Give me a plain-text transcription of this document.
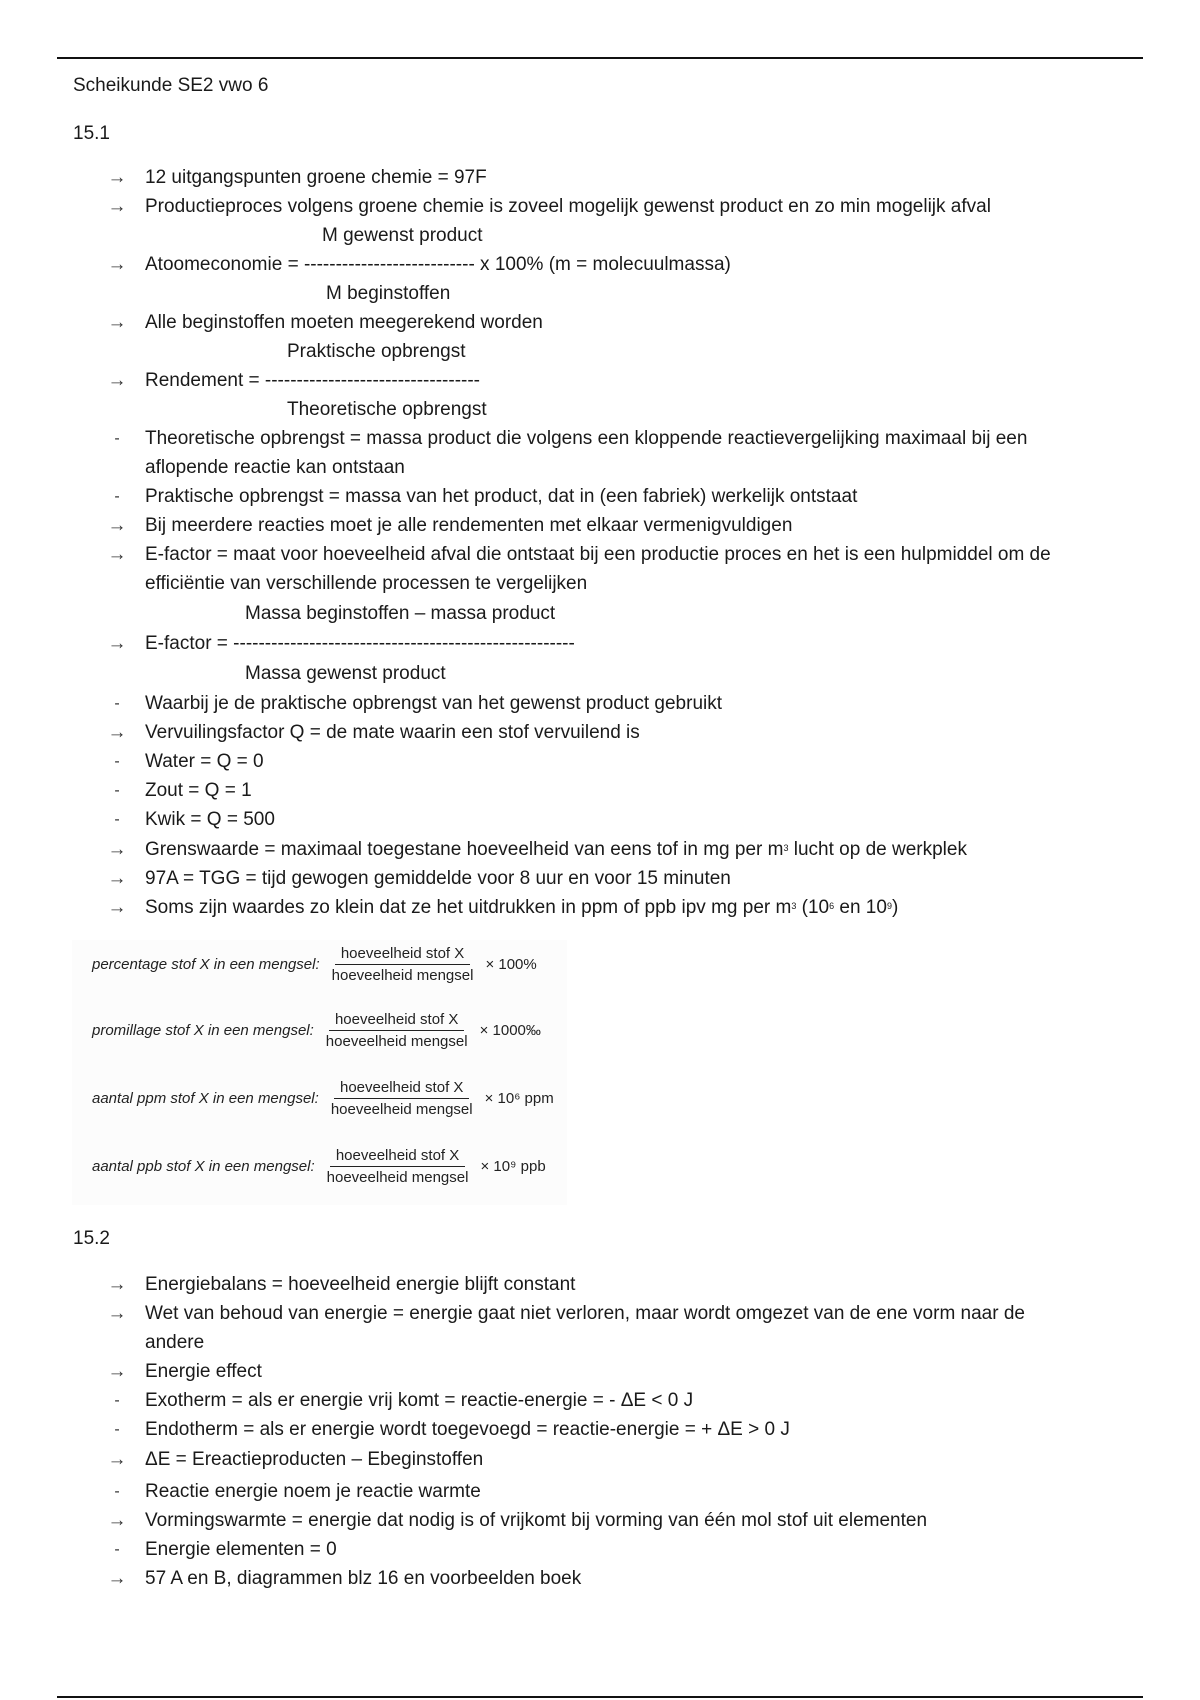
Scheikunde SE2 vwo 6
15.1
→ 12 uitgangspunten groene chemie = 97F
→ Productieproces volgens groene chemie is zoveel mogelijk gewenst product en zo min mogelijk afval
M gewenst product
→ Atoomeconomie = --------------------------- x 100% (m = molecuulmassa)
M beginstoffen
→ Alle beginstoffen moeten meegerekend worden
Praktische opbrengst
→ Rendement = ----------------------------------
Theoretische opbrengst
-	Theoretische opbrengst = massa product die volgens een kloppende reactievergelijking maximaal bij een
aflopende reactie kan ontstaan
-	Praktische opbrengst = massa van het product, dat in (een fabriek) werkelijk ontstaat
→ Bij meerdere reacties moet je alle rendementen met elkaar vermenigvuldigen
→ E-factor = maat voor hoeveelheid afval die ontstaat bij een productie proces en het is een hulpmiddel om de
efficiëntie van verschillende processen te vergelijken
Massa beginstoffen – massa product
→ E-factor = ------------------------------------------------------
Massa gewenst product
-	Waarbij je de praktische opbrengst van het gewenst product gebruikt
→ Vervuilingsfactor Q = de mate waarin een stof vervuilend is
-	Water = Q = 0
-	Zout = Q = 1
-	Kwik = Q = 500
→ Grenswaarde = maximaal toegestane hoeveelheid van eens tof in mg per $m^3$ lucht op de werkplek
→ 97A = TGG = tijd gewogen gemiddelde voor 8 uur en voor 15 minuten
→ Soms zijn waardes zo klein dat ze het uitdrukken in ppm of ppb ipv mg per $m^3$ ($10^6$ en $10^9$)
percentage stof X in een mengsel: $\frac{\text{hoeveelheid stof X}}{\text{hoeveelheid mengsel}} \times 100\%$
promillage stof X in een mengsel: $\frac{\text{hoeveelheid stof X}}{\text{hoeveelheid mengsel}}$ × 1000‰
aantal ppm stof X in een mengsel: $\frac{\text{hoeveelheid stof X}}{\text{hoeveelheid mengsel}} \times 10^6$ ppm
aantal ppb stof X in een mengsel: $\frac{\text{hoeveelheid stof X}}{\text{hoeveelheid mengsel}} \times 10^9$ ppb
15.2
→ Energiebalans = hoeveelheid energie blijft constant
→ Wet van behoud van energie = energie gaat niet verloren, maar wordt omgezet van de ene vorm naar de
andere
→ Energie effect
-	Exotherm = als er energie vrij komt = reactie-energie = - ΔE < 0 J
-	Endotherm = als er energie wordt toegevoegd = reactie-energie = + ΔE > 0 J
→ ΔE = Ereactieproducten – Ebeginstoffen
-	Reactie energie noem je reactie warmte
→ Vormingswarmte = energie dat nodig is of vrijkomt bij vorming van één mol stof uit elementen
-	Energie elementen = 0
→ 57 A en B, diagrammen blz 16 en voorbeelden boek
